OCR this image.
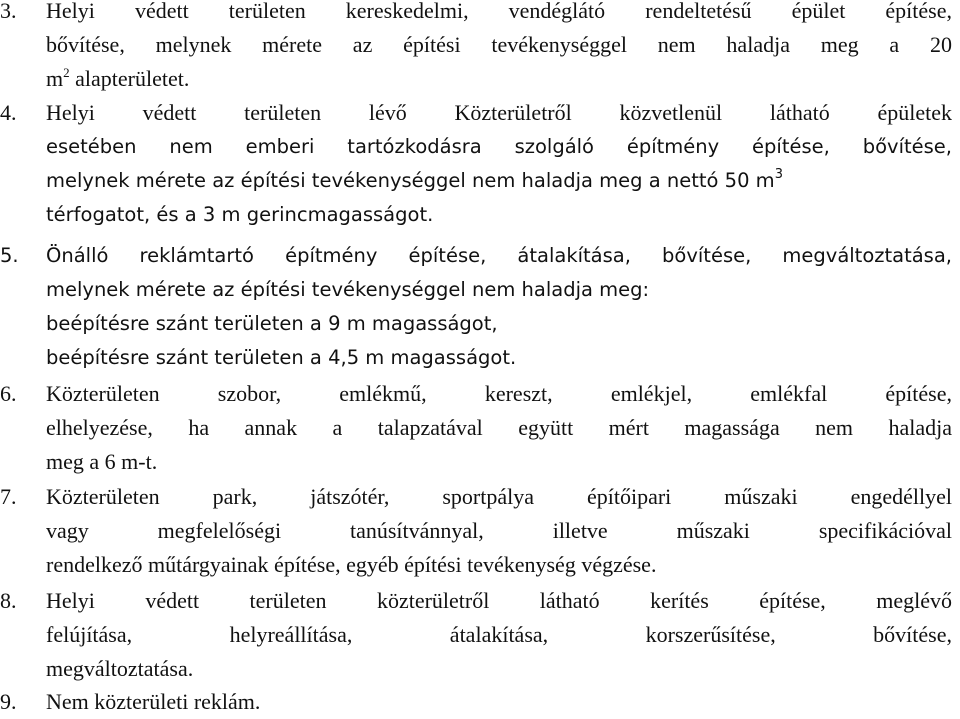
3.	Helyi védett területen kereskedelmi, vendéglátó rendeltetésű épület építése,
bővítése, melynek mérete az építési tevékenységgel nem haladja meg a 20
$m^2$ alapterületet.
4.	Helyi védett területen lévő Közterületről közvetlenül látható épületek
esetében nem emberi tartózkodásra szolgáló építmény építése, bővítése,
melynek mérete az építési tevékenységgel nem haladja meg a nettó 50 $m^3$
térfogatot, és a 3 m gerincmagasságot.
5.	Önálló reklámtartó építmény építése, átalakítása, bővítése, megváltoztatása,
melynek mérete az építési tevékenységgel nem haladja meg:
beépítésre szánt területen a 9 m magasságot,
beépítésre szánt területen a 4,5 m magasságot.
6.	Közterületen szobor, emlékmű, kereszt, emlékjel, emlékfal építése,
elhelyezése, ha annak a talapzatával együtt mért magassága nem haladja
meg a 6 m-t.
7.	Közterületen park, játszótér, sportpálya építőipari műszaki engedéllyel
vagy megfelelőségi tanúsítvánnyal, illetve műszaki specifikációval
rendelkező műtárgyainak építése, egyéb építési tevékenység végzése.
8.	Helyi védett területen közterületről látható kerítés építése, meglévő
felújítása, helyreállítása, átalakítása, korszerűsítése, bővítése,
megváltoztatása.
9.	Nem közterületi reklám.
